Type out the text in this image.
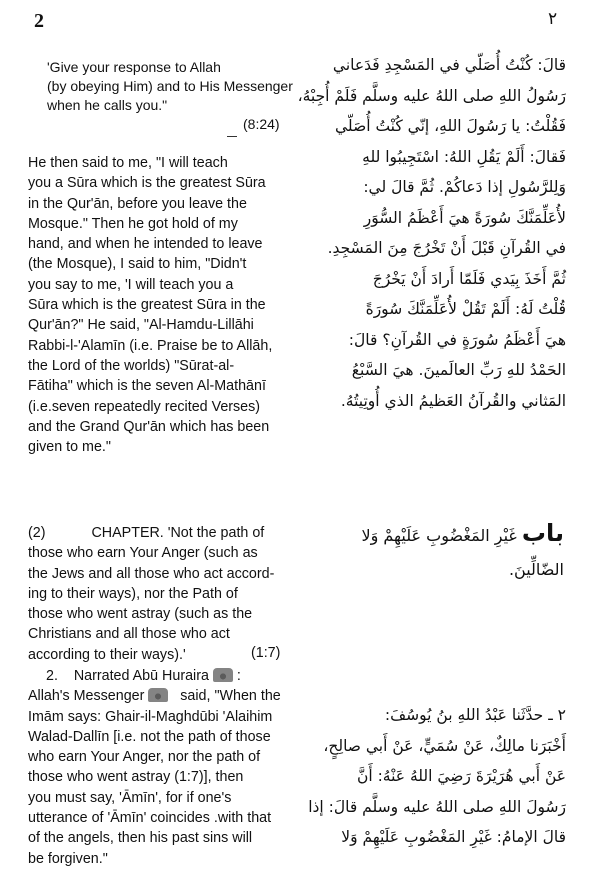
2	٢
'Give your response to Allah
(by obeying Him) and to His Messenger
when he calls you."
(8:24)
He then said to me, "I will teach
you a Sūra which is the greatest Sūra
in the Qur'ān, before you leave the
Mosque." Then he got hold of my
hand, and when he intended to leave
(the Mosque), I said to him, "Didn't
you say to me, 'I will teach you a
Sūra which is the greatest Sūra in the
Qur'ān?" He said, "Al-Hamdu-Lillāhi
Rabbi-l-'Alamīn (i.e. Praise be to Allāh,
the Lord of the worlds) "Sūrat-al-
Fātiha" which is the seven Al-Mathānī
(i.e.seven repeatedly recited Verses)
and the Grand Qur'ān which has been
given to me."
قالَ: كُنْتُ أُصَلّي في المَسْجِدِ فَدَعاني
رَسُولُ اللهِ صلى اللهُ عليه وسلَّم فَلَمْ أُجِبْهُ،
فَقُلْتُ: يا رَسُولَ اللهِ، إنّي كُنْتُ أُصَلّي
فَقالَ: أَلَمْ يَقُلِ اللهُ: اسْتَجِيبُوا للهِ
وَلِلرَّسُولِ إذا دَعاكُمْ. ثُمَّ قالَ لي:
لأُعَلِّمَنَّكَ سُورَةً هيَ أَعْظَمُ السُّوَرِ
في القُرآنِ قَبْلَ أَنْ تَخْرُجَ مِنَ المَسْجِدِ.
ثُمَّ أَخَذَ بِيَدي فَلَمّا أَرادَ أَنْ يَخْرُجَ
قُلْتُ لَهُ: أَلَمْ تَقُلْ لأُعَلِّمَنَّكَ سُورَةً
هيَ أَعْظَمُ سُورَةٍ في القُرآنِ؟ قالَ:
الحَمْدُ للهِ رَبِّ العالَمينَ. هيَ السَّبْعُ
المَثاني والقُرآنُ العَظيمُ الذي أُوتِيتُهُ.
(2)	CHAPTER. 'Not the path of
those who earn Your Anger (such as
the Jews and all those who act accord-
ing to their ways), nor the Path of
those who went astray (such as the
Christians and all those who act
according to their ways).'	(1:7)
باب غَيْرِ المَغْضُوبِ عَلَيْهِمْ وَلا
الضّالِّينَ.
2. Narrated Abū Huraira  :
Allah's Messenger	said, "When the
Imām says: Ghair-il-Maghdūbi 'Alaihim
Walad-Dallīn [i.e. not the path of those
who earn Your Anger, nor the path of
those who went astray (1:7)], then
you must say, 'Āmīn', for if one's
utterance of 'Āmīn' coincides .with that
of the angels, then his past sins will
be forgiven."
٢ ـ حدَّثَنا عَبْدُ اللهِ بنُ يُوسُفَ:
أَخْبَرَنا مالِكٌ، عَنْ سُمَيٍّ، عَنْ أَبي صالِحٍ،
عَنْ أَبي هُرَيْرَةَ رَضِيَ اللهُ عَنْهُ: أَنَّ
رَسُولَ اللهِ صلى اللهُ عليه وسلَّم قالَ: إذا
قالَ الإمامُ: غَيْرِ المَغْضُوبِ عَلَيْهِمْ وَلا
